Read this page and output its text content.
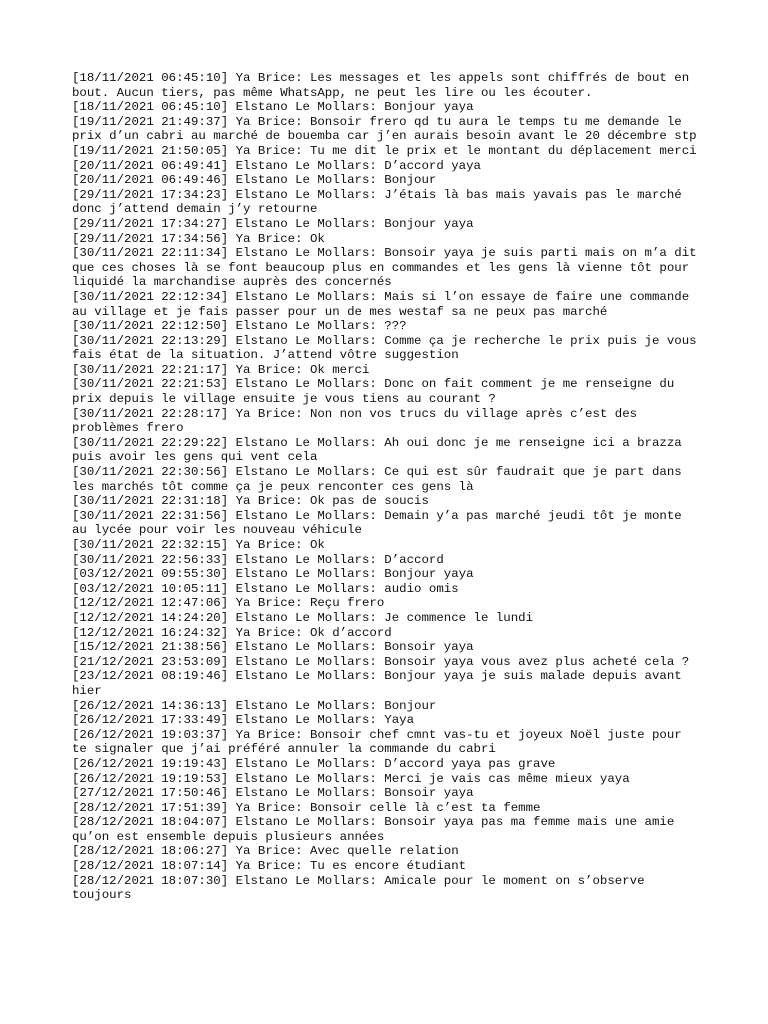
[18/11/2021 06:45:10] Ya Brice: Les messages et les appels sont chiffrés de bout en bout. Aucun tiers, pas même WhatsApp, ne peut les lire ou les écouter.
[18/11/2021 06:45:10] Elstano Le Mollars: Bonjour yaya
[19/11/2021 21:49:37] Ya Brice: Bonsoir frero qd tu aura le temps tu me demande le prix d’un cabri au marché de bouemba car j’en aurais besoin avant le 20 décembre stp
[19/11/2021 21:50:05] Ya Brice: Tu me dit le prix et le montant du déplacement merci
[20/11/2021 06:49:41] Elstano Le Mollars: D’accord yaya
[20/11/2021 06:49:46] Elstano Le Mollars: Bonjour
[29/11/2021 17:34:23] Elstano Le Mollars: J’étais là bas mais yavais pas le marché donc j’attend demain j’y retourne
[29/11/2021 17:34:27] Elstano Le Mollars: Bonjour yaya
[29/11/2021 17:34:56] Ya Brice: Ok
[30/11/2021 22:11:34] Elstano Le Mollars: Bonsoir yaya je suis parti mais on m’a dit que ces choses là se font beaucoup plus en commandes et les gens là vienne tôt pour liquidé la marchandise auprès des concernés
[30/11/2021 22:12:34] Elstano Le Mollars: Mais si l’on essaye de faire une commande au village et je fais passer pour un de mes westaf sa ne peux pas marché
[30/11/2021 22:12:50] Elstano Le Mollars: ???
[30/11/2021 22:13:29] Elstano Le Mollars: Comme ça je recherche le prix puis je vous fais état de la situation. J’attend vôtre suggestion
[30/11/2021 22:21:17] Ya Brice: Ok merci
[30/11/2021 22:21:53] Elstano Le Mollars: Donc on fait comment je me renseigne du prix depuis le village ensuite je vous tiens au courant ?
[30/11/2021 22:28:17] Ya Brice: Non non vos trucs du village après c’est des problèmes frero
[30/11/2021 22:29:22] Elstano Le Mollars: Ah oui donc je me renseigne ici a brazza puis avoir les gens qui vent cela
[30/11/2021 22:30:56] Elstano Le Mollars: Ce qui est sûr faudrait que je part dans les marchés tôt comme ça je peux renconter ces gens là
[30/11/2021 22:31:18] Ya Brice: Ok pas de soucis
[30/11/2021 22:31:56] Elstano Le Mollars: Demain y’a pas marché jeudi tôt je monte au lycée pour voir les nouveau véhicule
[30/11/2021 22:32:15] Ya Brice: Ok
[30/11/2021 22:56:33] Elstano Le Mollars: D’accord
[03/12/2021 09:55:30] Elstano Le Mollars: Bonjour yaya
[03/12/2021 10:05:11] Elstano Le Mollars: audio omis
[12/12/2021 12:47:06] Ya Brice: Reçu frero
[12/12/2021 14:24:20] Elstano Le Mollars: Je commence le lundi
[12/12/2021 16:24:32] Ya Brice: Ok d’accord
[15/12/2021 21:38:56] Elstano Le Mollars: Bonsoir yaya
[21/12/2021 23:53:09] Elstano Le Mollars: Bonsoir yaya vous avez plus acheté cela ?
[23/12/2021 08:19:46] Elstano Le Mollars: Bonjour yaya je suis malade depuis avant hier
[26/12/2021 14:36:13] Elstano Le Mollars: Bonjour
[26/12/2021 17:33:49] Elstano Le Mollars: Yaya
[26/12/2021 19:03:37] Ya Brice: Bonsoir chef cmnt vas-tu et joyeux Noël juste pour te signaler que j’ai préféré annuler la commande du cabri
[26/12/2021 19:19:43] Elstano Le Mollars: D’accord yaya pas grave
[26/12/2021 19:19:53] Elstano Le Mollars: Merci je vais cas même mieux yaya
[27/12/2021 17:50:46] Elstano Le Mollars: Bonsoir yaya
[28/12/2021 17:51:39] Ya Brice: Bonsoir celle là c’est ta femme
[28/12/2021 18:04:07] Elstano Le Mollars: Bonsoir yaya pas ma femme mais une amie qu’on est ensemble depuis plusieurs années
[28/12/2021 18:06:27] Ya Brice: Avec quelle relation
[28/12/2021 18:07:14] Ya Brice: Tu es encore étudiant
[28/12/2021 18:07:30] Elstano Le Mollars: Amicale pour le moment on s’observe toujours
